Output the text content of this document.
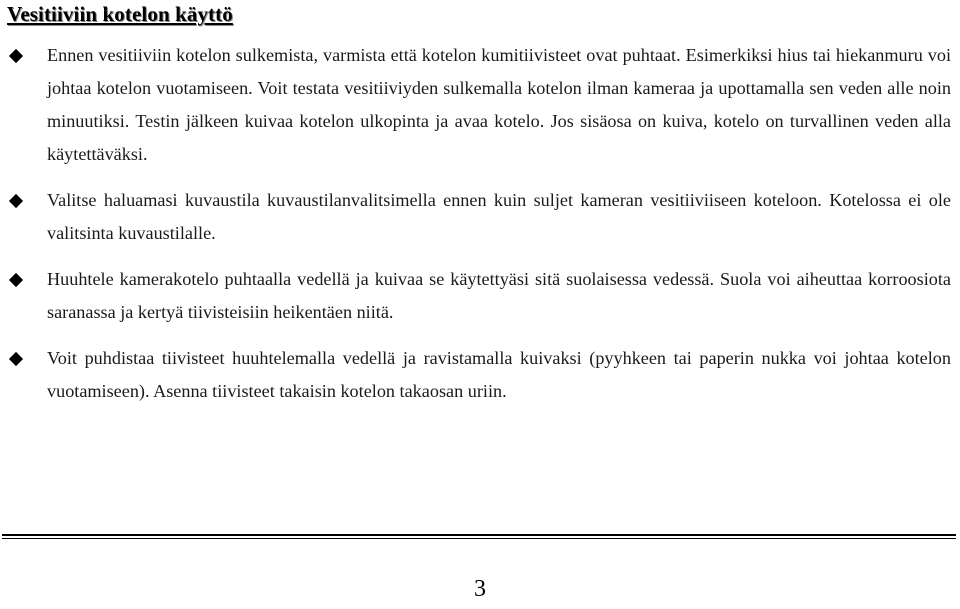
Vesitiiviin kotelon käyttö
Ennen vesitiiviin kotelon sulkemista, varmista että kotelon kumitiivisteet ovat puhtaat. Esimerkiksi hius tai hiekanmuru voi johtaa kotelon vuotamiseen. Voit testata vesitiiviyden sulkemalla kotelon ilman kameraa ja upottamalla sen veden alle noin minuutiksi. Testin jälkeen kuivaa kotelon ulkopinta ja avaa kotelo. Jos sisäosa on kuiva, kotelo on turvallinen veden alla käytettäväksi.
Valitse haluamasi kuvaustila kuvaustilanvalitsimella ennen kuin suljet kameran vesitiiviiseen koteloon. Kotelossa ei ole valitsinta kuvaustilalle.
Huuhtele kamerakotelo puhtaalla vedellä ja kuivaa se käytettyäsi sitä suolaisessa vedessä. Suola voi aiheuttaa korroosiota saranassa ja kertyä tiivisteisiin heikentäen niitä.
Voit puhdistaa tiivisteet huuhtelemalla vedellä ja ravistamalla kuivaksi (pyyhkeen tai paperin nukka voi johtaa kotelon vuotamiseen). Asenna tiivisteet takaisin kotelon takaosan uriin.
3
